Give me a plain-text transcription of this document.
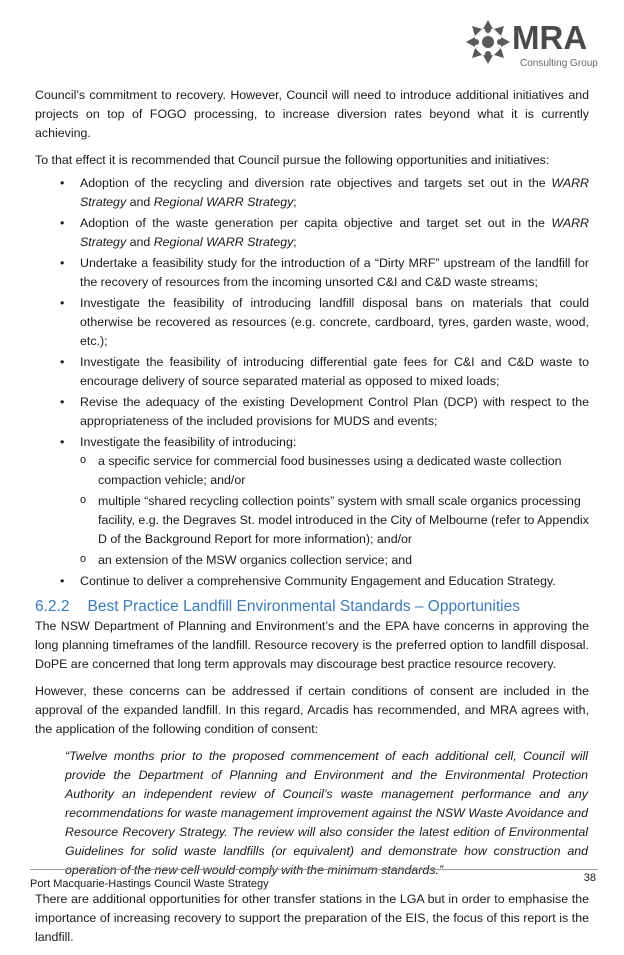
MRA
Consulting Group

Council’s commitment to recovery. However, Council will need to introduce additional initiatives and projects on top of FOGO processing, to increase diversion rates beyond what it is currently achieving.

To that effect it is recommended that Council pursue the following opportunities and initiatives:

• Adoption of the recycling and diversion rate objectives and targets set out in the WARR Strategy and Regional WARR Strategy;
• Adoption of the waste generation per capita objective and target set out in the WARR Strategy and Regional WARR Strategy;
• Undertake a feasibility study for the introduction of a “Dirty MRF” upstream of the landfill for the recovery of resources from the incoming unsorted C&I and C&D waste streams;
• Investigate the feasibility of introducing landfill disposal bans on materials that could otherwise be recovered as resources (e.g. concrete, cardboard, tyres, garden waste, wood, etc.);
• Investigate the feasibility of introducing differential gate fees for C&I and C&D waste to encourage delivery of source separated material as opposed to mixed loads;
• Revise the adequacy of the existing Development Control Plan (DCP) with respect to the appropriateness of the included provisions for MUDS and events;
• Investigate the feasibility of introducing:
o a specific service for commercial food businesses using a dedicated waste collection compaction vehicle; and/or
o multiple “shared recycling collection points” system with small scale organics processing facility, e.g. the Degraves St. model introduced in the City of Melbourne (refer to Appendix D of the Background Report for more information); and/or
o an extension of the MSW organics collection service; and
• Continue to deliver a comprehensive Community Engagement and Education Strategy.
6.2.2 Best Practice Landfill Environmental Standards – Opportunities

The NSW Department of Planning and Environment’s and the EPA have concerns in approving the long planning timeframes of the landfill. Resource recovery is the preferred option to landfill disposal. DoPE are concerned that long term approvals may discourage best practice resource recovery.

However, these concerns can be addressed if certain conditions of consent are included in the approval of the expanded landfill. In this regard, Arcadis has recommended, and MRA agrees with, the application of the following condition of consent:

“Twelve months prior to the proposed commencement of each additional cell, Council will provide the Department of Planning and Environment and the Environmental Protection Authority an independent review of Council’s waste management performance and any recommendations for waste management improvement against the NSW Waste Avoidance and Resource Recovery Strategy. The review will also consider the latest edition of Environmental Guidelines for solid waste landfills (or equivalent) and demonstrate how construction and operation of the new cell would comply with the minimum standards.”

There are additional opportunities for other transfer stations in the LGA but in order to emphasise the importance of increasing recovery to support the preparation of the EIS, the focus of this report is the landfill.

Port Macquarie-Hastings Council Waste Strategy	38
